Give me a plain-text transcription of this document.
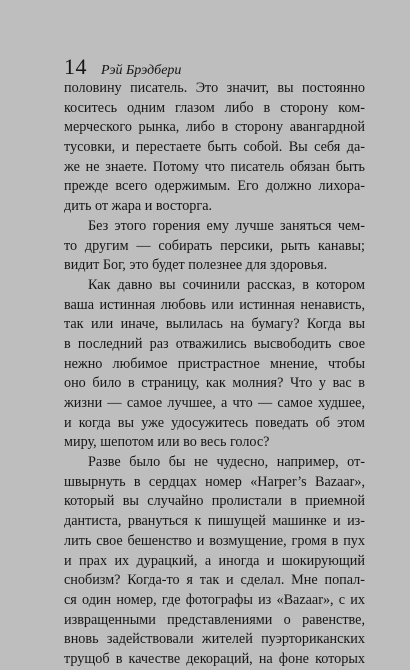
14 Рэй Брэдбери
половину писатель. Это значит, вы постоянно
коситесь одним глазом либо в сторону ком-
мерческого рынка, либо в сторону авангардной
тусовки, и перестаете быть собой. Вы себя да-
же не знаете. Потому что писатель обязан быть
прежде всего одержимым. Его должно лихора-
дить от жара и восторга.
Без этого горения ему лучше заняться чем-
то другим — собирать персики, рыть канавы;
видит Бог, это будет полезнее для здоровья.
Как давно вы сочинили рассказ, в котором
ваша истинная любовь или истинная ненависть,
так или иначе, вылилась на бумагу? Когда вы
в последний раз отважились высвободить свое
нежно любимое пристрастное мнение, чтобы
оно било в страницу, как молния? Что у вас в
жизни — самое лучшее, а что — самое худшее,
и когда вы уже удосужитесь поведать об этом
миру, шепотом или во весь голос?
Разве было бы не чудесно, например, от-
швырнуть в сердцах номер «Harper’s Bazaar»,
который вы случайно пролистали в приемной
дантиста, рвануться к пишущей машинке и из-
лить свое бешенство и возмущение, громя в пух
и прах их дурацкий, а иногда и шокирующий
снобизм? Когда-то я так и сделал. Мне попал-
ся один номер, где фотографы из «Bazaar», с их
извращенными представлениями о равенстве,
вновь задействовали жителей пуэрториканских
трущоб в качестве декораций, на фоне которых
